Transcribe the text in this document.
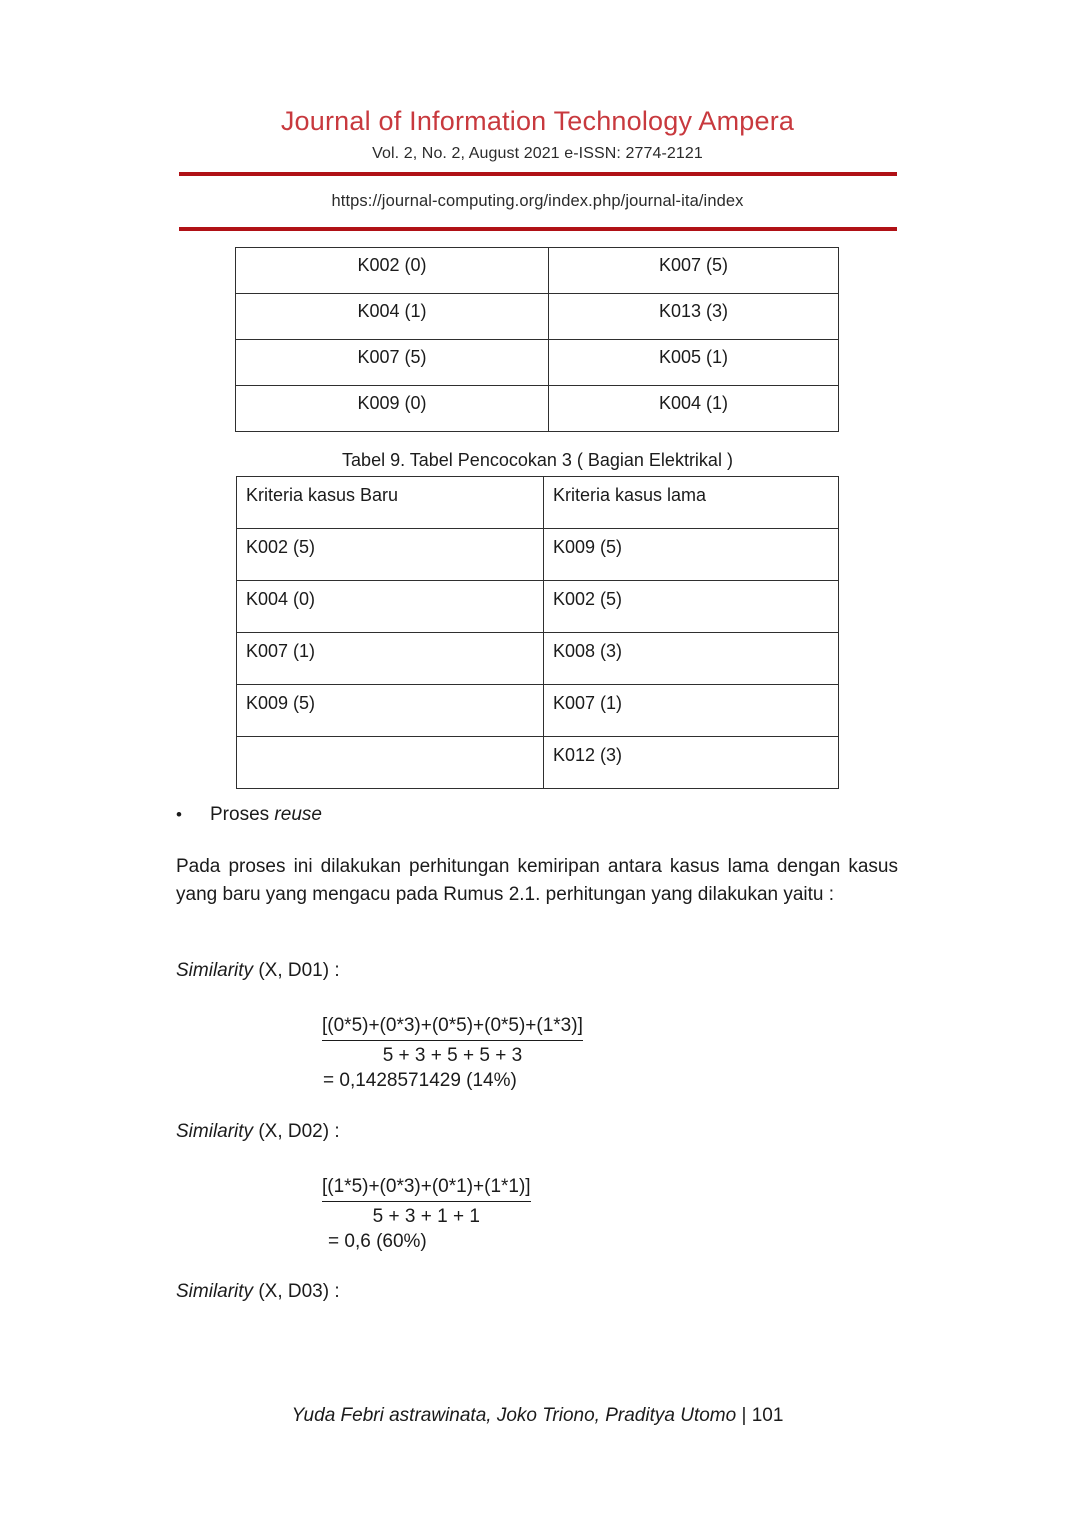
Journal of Information Technology Ampera
Vol. 2, No. 2, August 2021 e-ISSN: 2774-2121
https://journal-computing.org/index.php/journal-ita/index
K002 (0)	K007 (5)
K004 (1)	K013 (3)
K007 (5)	K005 (1)
K009 (0)	K004 (1)
Tabel 9. Tabel Pencocokan 3 ( Bagian Elektrikal )
Kriteria kasus Baru	Kriteria kasus lama
K002 (5)	K009 (5)
K004 (0)	K002 (5)
K007 (1)	K008 (3)
K009 (5)	K007 (1)
	K012 (3)
• Proses reuse
Pada proses ini dilakukan perhitungan kemiripan antara kasus lama dengan kasus yang baru yang mengacu pada Rumus 2.1. perhitungan yang dilakukan yaitu :
Similarity (X, D01) :
[(0*5)+(0*3)+(0*5)+(0*5)+(1*3)]
5 + 3 + 5 + 5 + 3
= 0,1428571429 (14%)
Similarity (X, D02) :
[(1*5)+(0*3)+(0*1)+(1*1)]
5 + 3 + 1 + 1
= 0,6 (60%)
Similarity (X, D03) :
Yuda Febri astrawinata, Joko Triono, Praditya Utomo | 101
